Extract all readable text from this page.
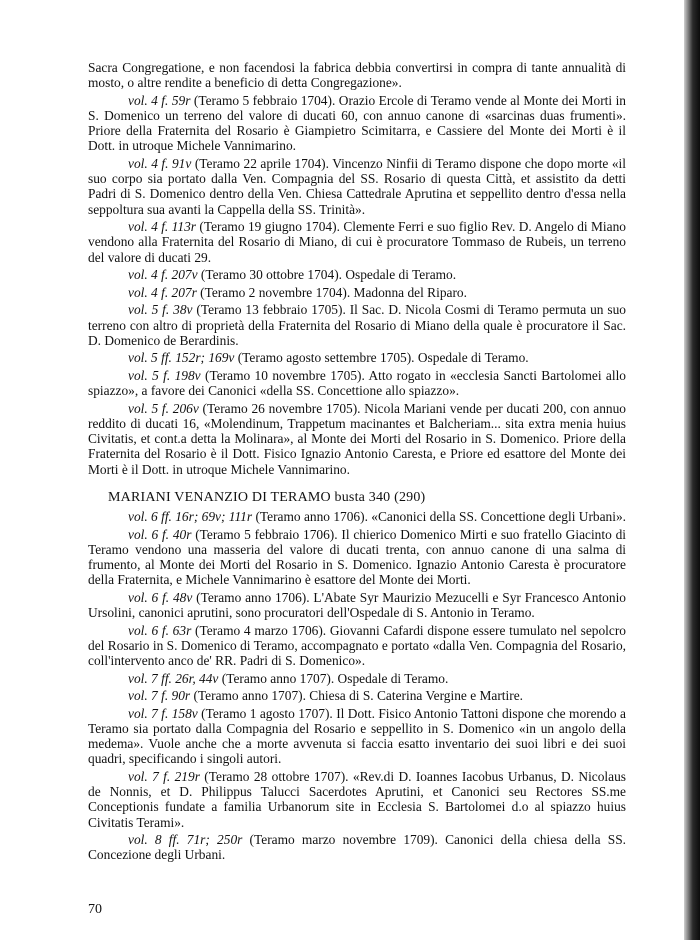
Sacra Congregatione, e non facendosi la fabrica debbia convertirsi in compra di tante annualità di mosto, o altre rendite a beneficio di detta Congregazione».

vol. 4 f. 59r (Teramo 5 febbraio 1704). Orazio Ercole di Teramo vende al Monte dei Morti in S. Domenico un terreno del valore di ducati 60, con annuo canone di «sarcinas duas frumenti». Priore della Fraternita del Rosario è Giampietro Scimitarra, e Cassiere del Monte dei Morti è il Dott. in utroque Michele Vannimarino.

vol. 4 f. 91v (Teramo 22 aprile 1704). Vincenzo Ninfii di Teramo dispone che dopo morte «il suo corpo sia portato dalla Ven. Compagnia del SS. Rosario di questa Città, et assistito da detti Padri di S. Domenico dentro della Ven. Chiesa Cattedrale Aprutina et seppellito dentro d'essa nella seppoltura sua avanti la Cappella della SS. Trinità».

vol. 4 f. 113r (Teramo 19 giugno 1704). Clemente Ferri e suo figlio Rev. D. Angelo di Miano vendono alla Fraternita del Rosario di Miano, di cui è procuratore Tommaso de Rubeis, un terreno del valore di ducati 29.

vol. 4 f. 207v (Teramo 30 ottobre 1704). Ospedale di Teramo.

vol. 4 f. 207r (Teramo 2 novembre 1704). Madonna del Riparo.

vol. 5 f. 38v (Teramo 13 febbraio 1705). Il Sac. D. Nicola Cosmi di Teramo permuta un suo terreno con altro di proprietà della Fraternita del Rosario di Miano della quale è procuratore il Sac. D. Domenico de Berardinis.

vol. 5 ff. 152r; 169v (Teramo agosto settembre 1705). Ospedale di Teramo.

vol. 5 f. 198v (Teramo 10 novembre 1705). Atto rogato in «ecclesia Sancti Bartolomei allo spiazzo», a favore dei Canonici «della SS. Concettione allo spiazzo».

vol. 5 f. 206v (Teramo 26 novembre 1705). Nicola Mariani vende per ducati 200, con annuo reddito di ducati 16, «Molendinum, Trappetum macinantes et Balcheriam... sita extra menia huius Civitatis, et cont.a detta la Molinara», al Monte dei Morti del Rosario in S. Domenico. Priore della Fraternita del Rosario è il Dott. Fisico Ignazio Antonio Caresta, e Priore ed esattore del Monte dei Morti è il Dott. in utroque Michele Vannimarino.

MARIANI VENANZIO DI TERAMO busta 340 (290)

vol. 6 ff. 16r; 69v; 111r (Teramo anno 1706). «Canonici della SS. Concettione degli Urbani».

vol. 6 f. 40r (Teramo 5 febbraio 1706). Il chierico Domenico Mirti e suo fratello Giacinto di Teramo vendono una masseria del valore di ducati trenta, con annuo canone di una salma di frumento, al Monte dei Morti del Rosario in S. Domenico. Ignazio Antonio Caresta è procuratore della Fraternita, e Michele Vannimarino è esattore del Monte dei Morti.

vol. 6 f. 48v (Teramo anno 1706). L'Abate Syr Maurizio Mezucelli e Syr Francesco Antonio Ursolini, canonici aprutini, sono procuratori dell'Ospedale di S. Antonio in Teramo.

vol. 6 f. 63r (Teramo 4 marzo 1706). Giovanni Cafardi dispone essere tumulato nel sepolcro del Rosario in S. Domenico di Teramo, accompagnato e portato «dalla Ven. Compagnia del Rosario, coll'intervento anco de' RR. Padri di S. Domenico».

vol. 7 ff. 26r, 44v (Teramo anno 1707). Ospedale di Teramo.

vol. 7 f. 90r (Teramo anno 1707). Chiesa di S. Caterina Vergine e Martire.

vol. 7 f. 158v (Teramo 1 agosto 1707). Il Dott. Fisico Antonio Tattoni dispone che morendo a Teramo sia portato dalla Compagnia del Rosario e seppellito in S. Domenico «in un angolo della medema». Vuole anche che a morte avvenuta si faccia esatto inventario dei suoi libri e dei suoi quadri, specificando i singoli autori.

vol. 7 f. 219r (Teramo 28 ottobre 1707). «Rev.di D. Ioannes Iacobus Urbanus, D. Nicolaus de Nonnis, et D. Philippus Talucci Sacerdotes Aprutini, et Canonici seu Rectores SS.me Conceptionis fundate a familia Urbanorum site in Ecclesia S. Bartolomei d.o al spiazzo huius Civitatis Terami».

vol. 8 ff. 71r; 250r (Teramo marzo novembre 1709). Canonici della chiesa della SS. Concezione degli Urbani.

70
